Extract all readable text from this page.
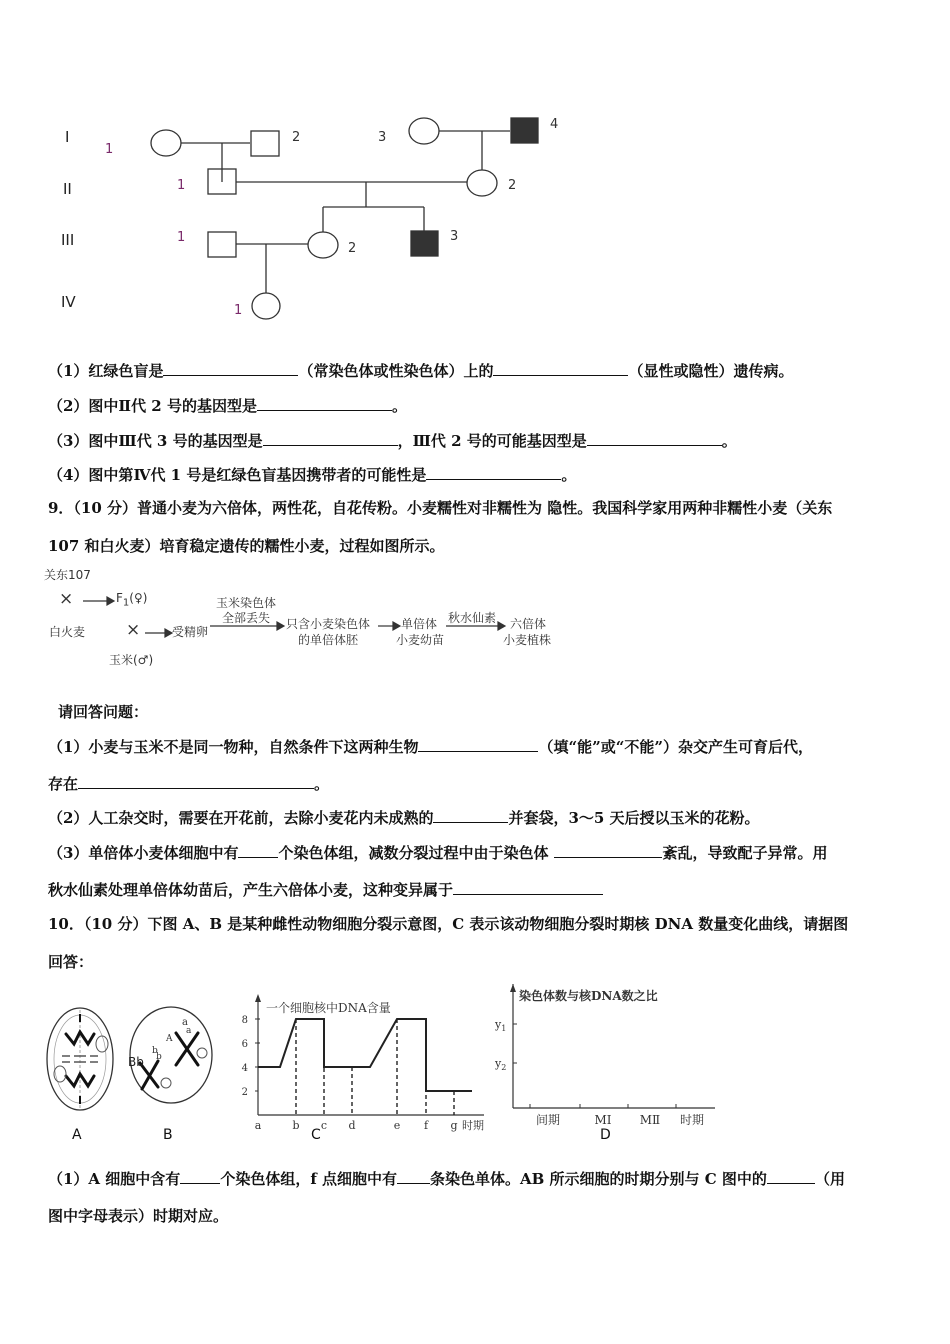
I
II
III
IV
1
2	3
4
1	2
1
2
3
1
（1）红绿色盲是	（常染色体或性染色体）上的	（显性或隐性）遗传病。
（2）图中Ⅱ代 2 号的基因型是	。
（3）图中Ⅲ代 3 号的基因型是	，Ⅲ代 2 号的可能基因型是	。
（4）图中第Ⅳ代 1 号是红绿色盲基因携带者的可能性是	。
9．（10 分）普通小麦为六倍体，两性花，自花传粉。小麦糯性对非糯性为 隐性。我国科学家用两种非糯性小麦（关东
107 和白火麦）培育稳定遗传的糯性小麦，过程如图所示。
关东107
×	$F_1(♀)$
白火麦 ×	受精卵
玉米(♂)
玉米染色体
全部丢失 只含小麦染色体
的单倍体胚
单倍体
小麦幼苗
秋水仙素 六倍体
小麦植株
请回答问题：
（1）小麦与玉米不是同一物种，自然条件下这两种生物	（填“能”或“不能”）杂交产生可育后代，
存在	。
（2）人工杂交时，需要在开花前，去除小麦花内未成熟的	并套袋，3～5 天后授以玉米的花粉。
（3）单倍体小麦体细胞中有	个染色体组，减数分裂过程中由于染色体	紊乱，导致配子异常。用
秋水仙素处理单倍体幼苗后，产生六倍体小麦，这种变异属于
10．（10 分）下图 A、B 是某种雌性动物细胞分裂示意图，C 表示该动物细胞分裂时期核 DNA 数量变化曲线，请据图
回答：
a
a
A
b
b
Bb
A	B
一个细胞核中DNA含量
2
4
6
8
a	b c d	e f g 时期
C
染色体数与核DNA数之比
$y_1$
$y_2$
间期	MⅠ MⅡ 时期
D
（1）A 细胞中含有	个染色体组，f 点细胞中有 条染色单体。AB 所示细胞的时期分别与 C 图中的	（用
图中字母表示）时期对应。
